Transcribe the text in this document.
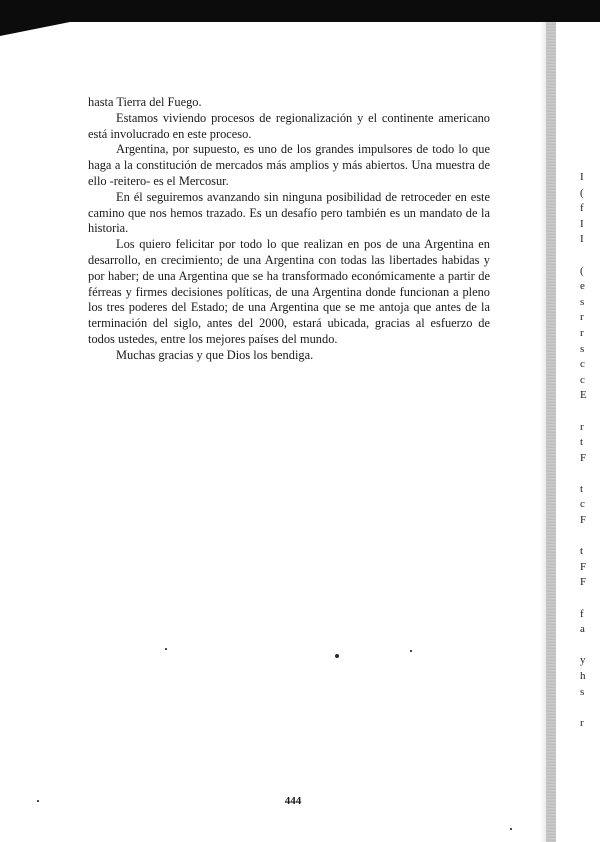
hasta Tierra del Fuego.

Estamos viviendo procesos de regionalización y el continente americano está involucrado en este proceso.

Argentina, por supuesto, es uno de los grandes impulsores de todo lo que haga a la constitución de mercados más amplios y más abiertos. Una muestra de ello -reitero- es el Mercosur.

En él seguiremos avanzando sin ninguna posibilidad de retroceder en este camino que nos hemos trazado. Es un desafío pero también es un mandato de la historia.

Los quiero felicitar por todo lo que realizan en pos de una Argentina en desarrollo, en crecimiento; de una Argentina con todas las libertades habidas y por haber; de una Argentina que se ha transformado económicamente a partir de férreas y firmes decisiones políticas, de una Argentina donde funcionan a pleno los tres poderes del Estado; de una Argentina que se me antoja que antes de la terminación del siglo, antes del 2000, estará ubicada, gracias al esfuerzo de todos ustedes, entre los mejores países del mundo.

Muchas gracias y que Dios los bendiga.

I
(
f
I
I
(
e
s
r
r
s
c
c
E
r
t
F
t
c
F
t
F
F
f
a
y
h
s
r
444
